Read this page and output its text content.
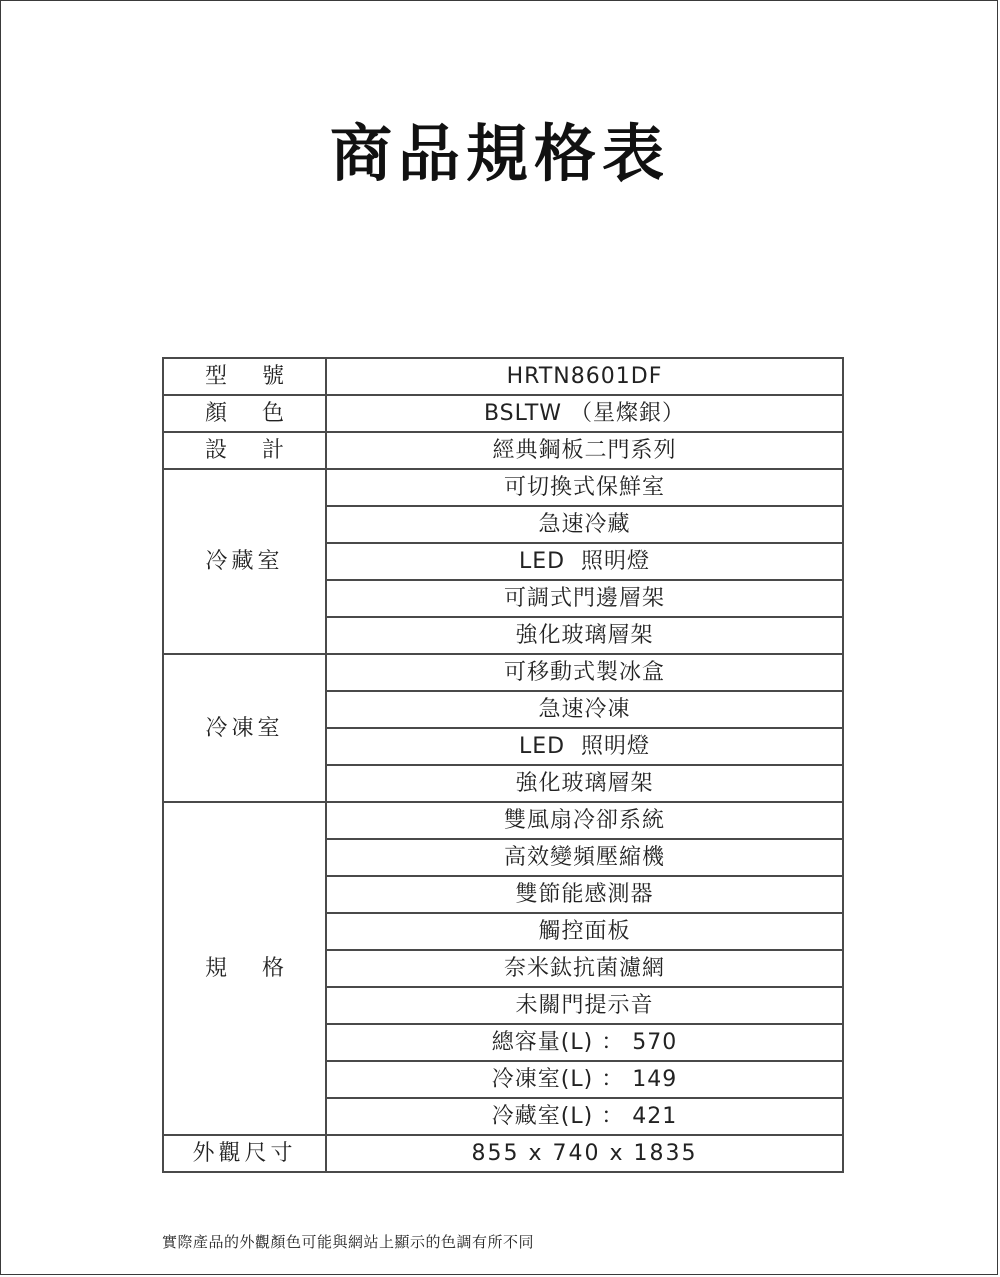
商品規格表
型 號	HRTN8601DF
顏 色	BSLTW （星燦銀）
設 計	經典鋼板二門系列
冷藏室	可切換式保鮮室
	急速冷藏
	LED  照明燈
	可調式門邊層架
	強化玻璃層架
冷凍室	可移動式製冰盒
	急速冷凍
	LED  照明燈
	強化玻璃層架
規 格	雙風扇冷卻系統
	高效變頻壓縮機
	雙節能感測器
	觸控面板
	奈米鈦抗菌濾網
	未關門提示音
	總容量(L) ： 570
	冷凍室(L) ： 149
	冷藏室(L) ： 421
外觀尺寸	855 x 740 x 1835
實際產品的外觀顏色可能與網站上顯示的色調有所不同
